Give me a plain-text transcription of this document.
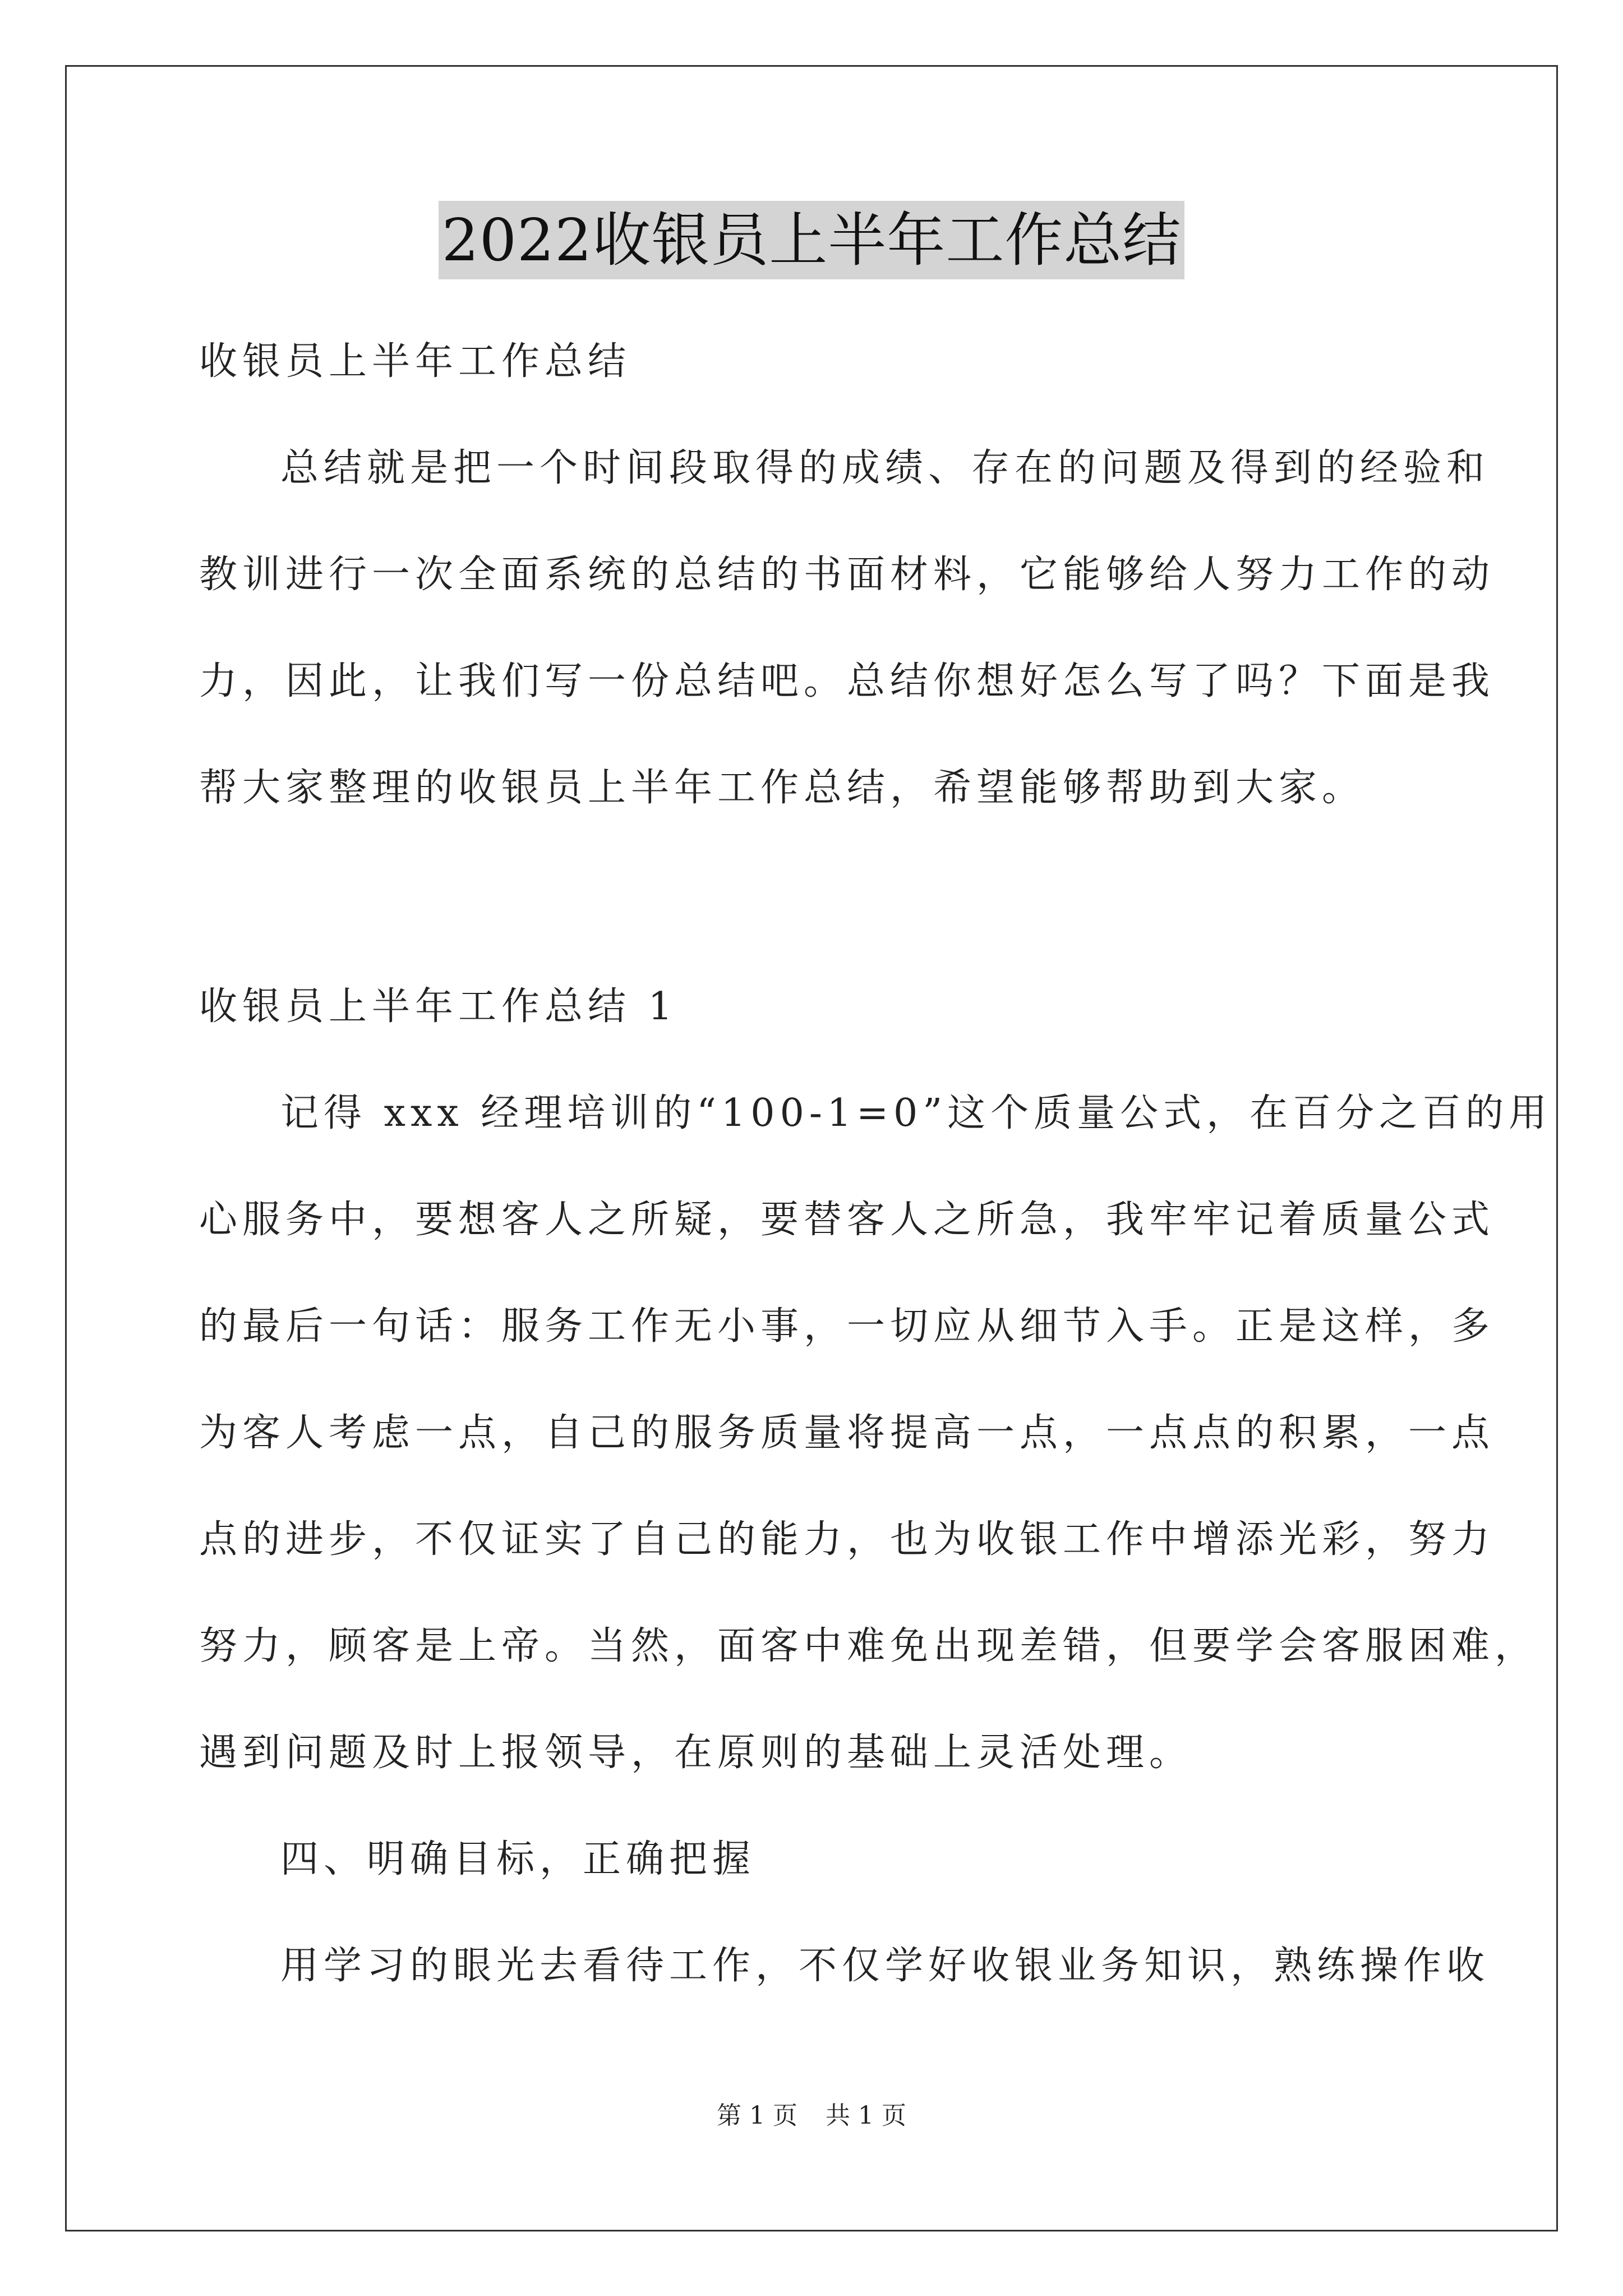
2022收银员上半年工作总结
收银员上半年工作总结
总结就是把一个时间段取得的成绩、存在的问题及得到的经验和
教训进行一次全面系统的总结的书面材料，它能够给人努力工作的动
力，因此，让我们写一份总结吧。总结你想好怎么写了吗？下面是我
帮大家整理的收银员上半年工作总结，希望能够帮助到大家。
收银员上半年工作总结 1
记得 xxx 经理培训的“100-1=0”这个质量公式，在百分之百的用
心服务中，要想客人之所疑，要替客人之所急，我牢牢记着质量公式
的最后一句话：服务工作无小事，一切应从细节入手。正是这样，多
为客人考虑一点，自己的服务质量将提高一点，一点点的积累，一点
点的进步，不仅证实了自己的能力，也为收银工作中增添光彩，努力
努力，顾客是上帝。当然，面客中难免出现差错，但要学会客服困难，
遇到问题及时上报领导，在原则的基础上灵活处理。
四、明确目标，正确把握
用学习的眼光去看待工作，不仅学好收银业务知识，熟练操作收
第 1 页 共 1 页
